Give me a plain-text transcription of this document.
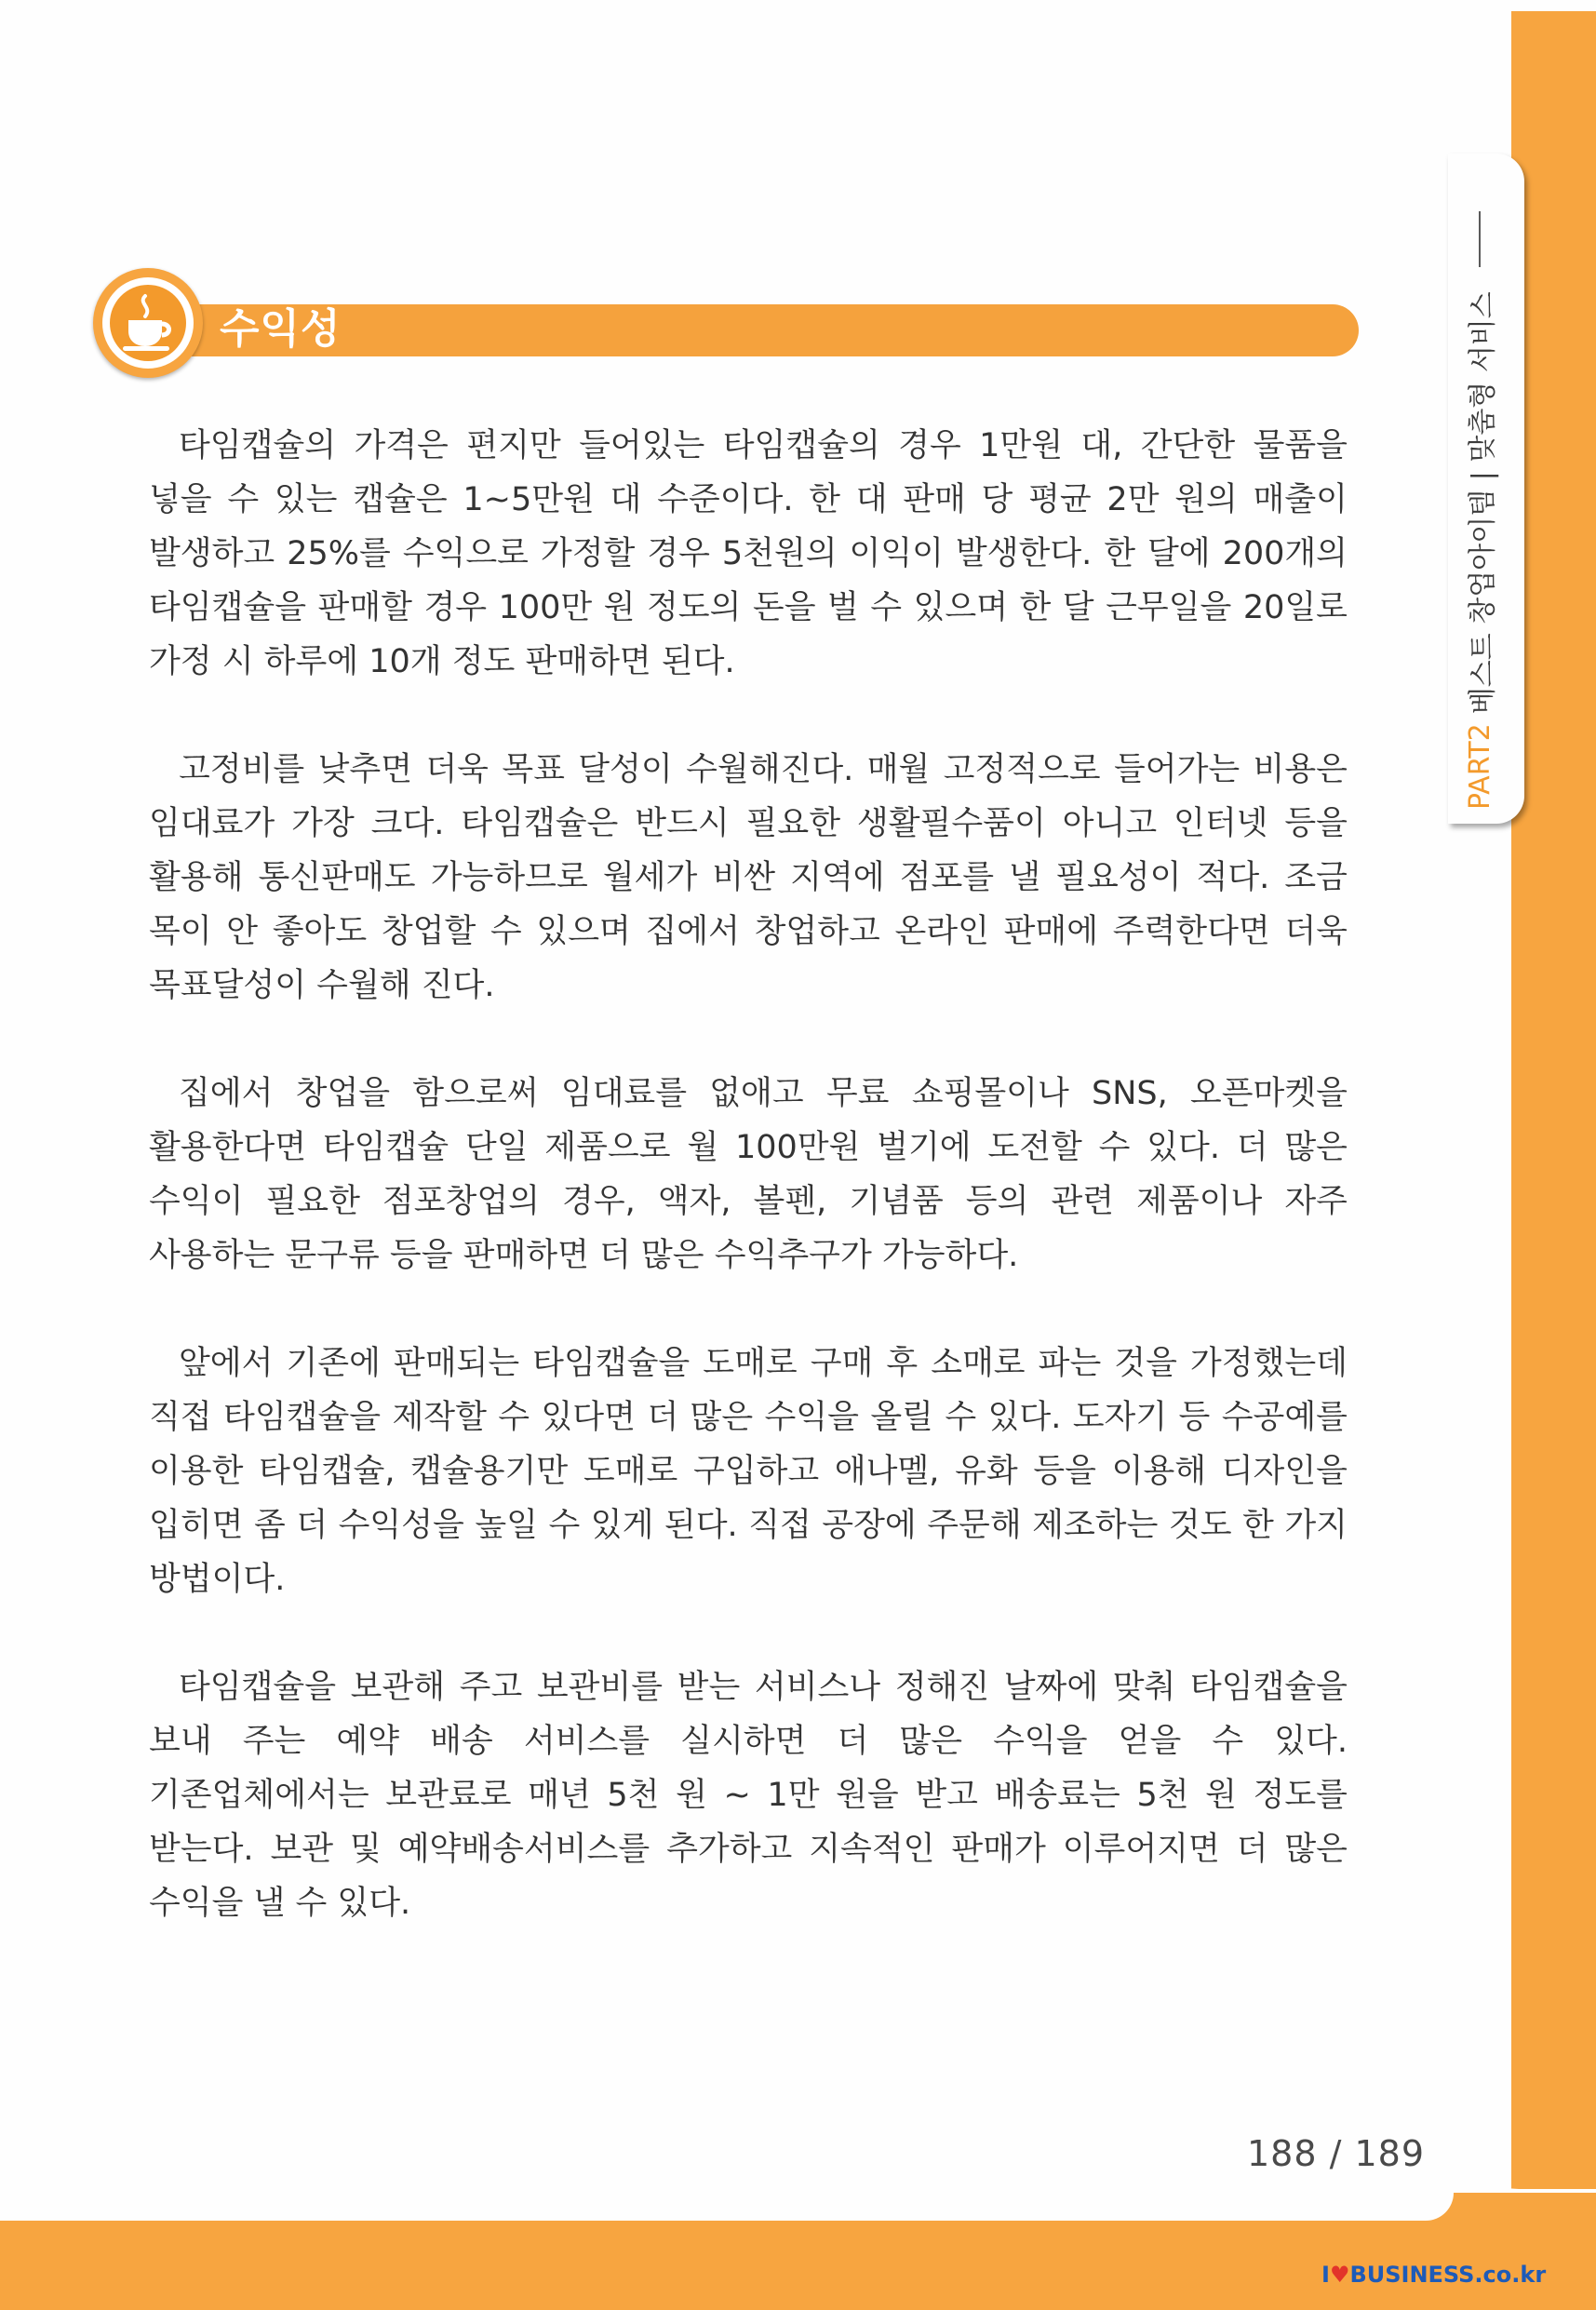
PART2
베스트 창업아이템 | 맞춤형 서비스
수익성

타임캡슐의 가격은 편지만 들어있는 타임캡슐의 경우 1만원 대, 간단한 물품을 넣을 수 있는 캡슐은 1~5만원 대 수준이다. 한 대 판매 당 평균 2만 원의 매출이 발생하고 25%를 수익으로 가정할 경우 5천원의 이익이 발생한다. 한 달에 200개의 타임캡슐을 판매할 경우 100만 원 정도의 돈을 벌 수 있으며 한 달 근무일을 20일로 가정 시 하루에 10개 정도 판매하면 된다.

고정비를 낮추면 더욱 목표 달성이 수월해진다. 매월 고정적으로 들어가는 비용은 임대료가 가장 크다. 타임캡슐은 반드시 필요한 생활필수품이 아니고 인터넷 등을 활용해 통신판매도 가능하므로 월세가 비싼 지역에 점포를 낼 필요성이 적다. 조금 목이 안 좋아도 창업할 수 있으며 집에서 창업하고 온라인 판매에 주력한다면 더욱 목표달성이 수월해 진다.

집에서 창업을 함으로써 임대료를 없애고 무료 쇼핑몰이나 SNS, 오픈마켓을 활용한다면 타임캡슐 단일 제품으로 월 100만원 벌기에 도전할 수 있다. 더 많은 수익이 필요한 점포창업의 경우, 액자, 볼펜, 기념품 등의 관련 제품이나 자주 사용하는 문구류 등을 판매하면 더 많은 수익추구가 가능하다.

앞에서 기존에 판매되는 타임캡슐을 도매로 구매 후 소매로 파는 것을 가정했는데 직접 타임캡슐을 제작할 수 있다면 더 많은 수익을 올릴 수 있다. 도자기 등 수공예를 이용한 타임캡슐, 캡슐용기만 도매로 구입하고 애나멜, 유화 등을 이용해 디자인을 입히면 좀 더 수익성을 높일 수 있게 된다. 직접 공장에 주문해 제조하는 것도 한 가지 방법이다.

타임캡슐을 보관해 주고 보관비를 받는 서비스나 정해진 날짜에 맞춰 타임캡슐을 보내 주는 예약 배송 서비스를 실시하면 더 많은 수익을 얻을 수 있다. 기존업체에서는 보관료로 매년 5천 원 ~ 1만 원을 받고 배송료는 5천 원 정도를 받는다. 보관 및 예약배송서비스를 추가하고 지속적인 판매가 이루어지면 더 많은 수익을 낼 수 있다.

188 / 189
I♥BUSINESS.co.kr
